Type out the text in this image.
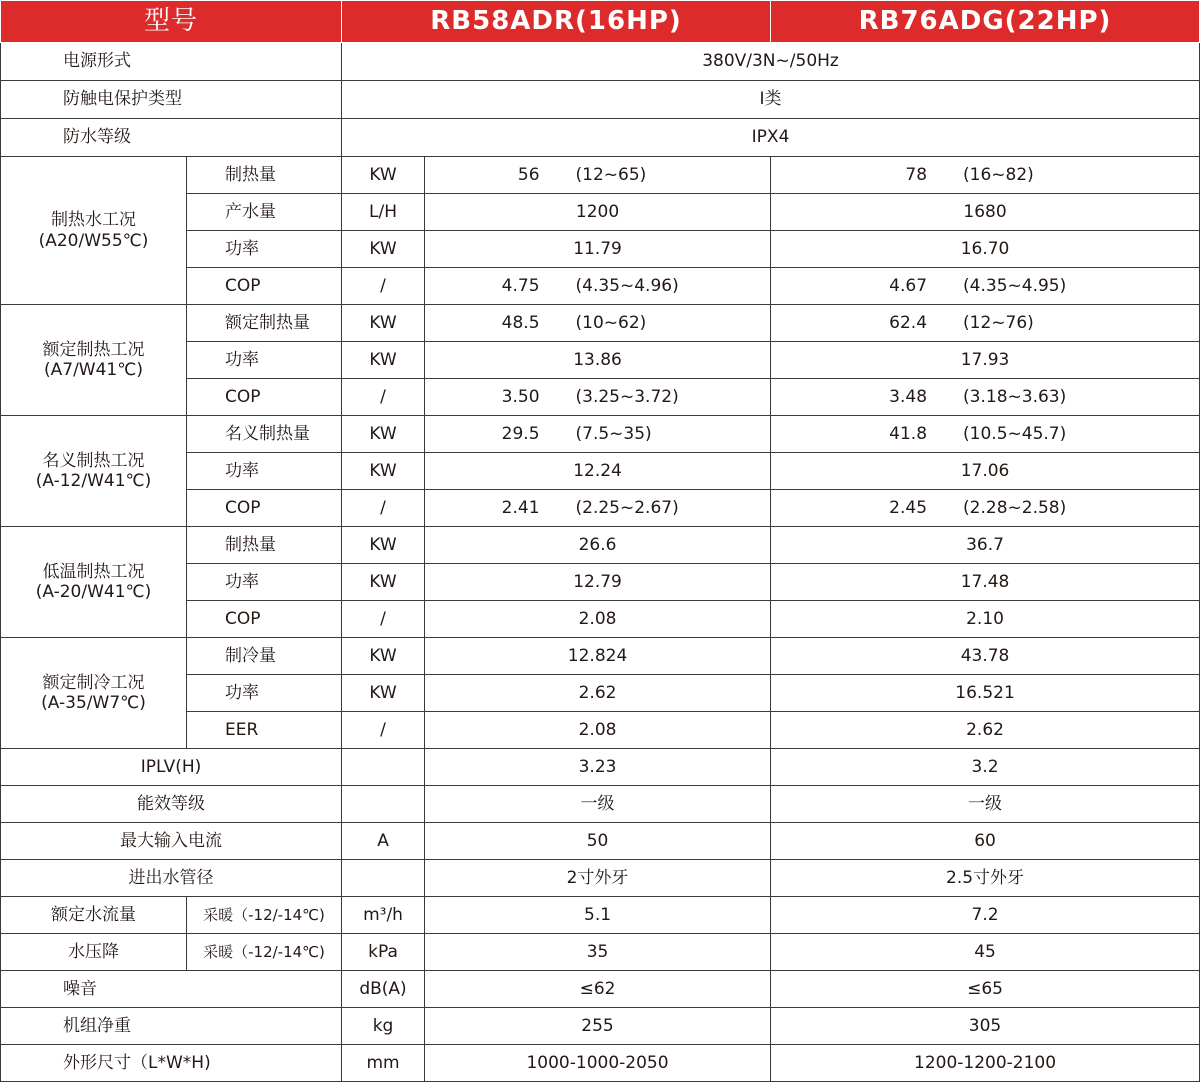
型号		RB58ADR(16HP)		RB76ADG(22HP)
电源形式		380V/3N~/50Hz		
防触电保护类型		I类		
防水等级		IPX4		

制热水工况
(A20/W55℃)	制热量	KW	56 (12~65)	78 (16~82)

	产水量	L/H	1200	1680
	功率	KW	11.79	16.70
	COP	/	4.75 (4.35~4.96)	4.67 (4.35~4.95)

额定制热工况
(A7/W41℃)	额定制热量	KW	48.5 (10~62)	62.4 (12~76)

	功率	KW	13.86	17.93
	COP	/	3.50 (3.25~3.72)	3.48 (3.18~3.63)

名义制热工况
(A-12/W41℃)	名义制热量	KW	29.5 (7.5~35)	41.8 (10.5~45.7)

	功率	KW	12.24	17.06
	COP	/	2.41 (2.25~2.67)	2.45 (2.28~2.58)

低温制热工况
(A-20/W41℃)	制热量	KW	26.6	36.7
	功率	KW	12.79	17.48
	COP	/	2.08	2.10

额定制冷工况
(A-35/W7℃)	制冷量	KW	12.824	43.78
	功率	KW	2.62	16.521
	EER	/	2.08	2.62
IPLV(H)			3.23	3.2
能效等级			一级	一级
最大输入电流		A	50	60
进出水管径			2寸外牙	2.5寸外牙
额定水流量	采暖（-12/-14℃)	m³/h	5.1	7.2
水压降	采暖（-12/-14℃)	kPa	35	45
噪音		dB(A)	≤62	≤65
机组净重		kg	255	305
外形尺寸（L*W*H)		mm	1000-1000-2050	1200-1200-2100
